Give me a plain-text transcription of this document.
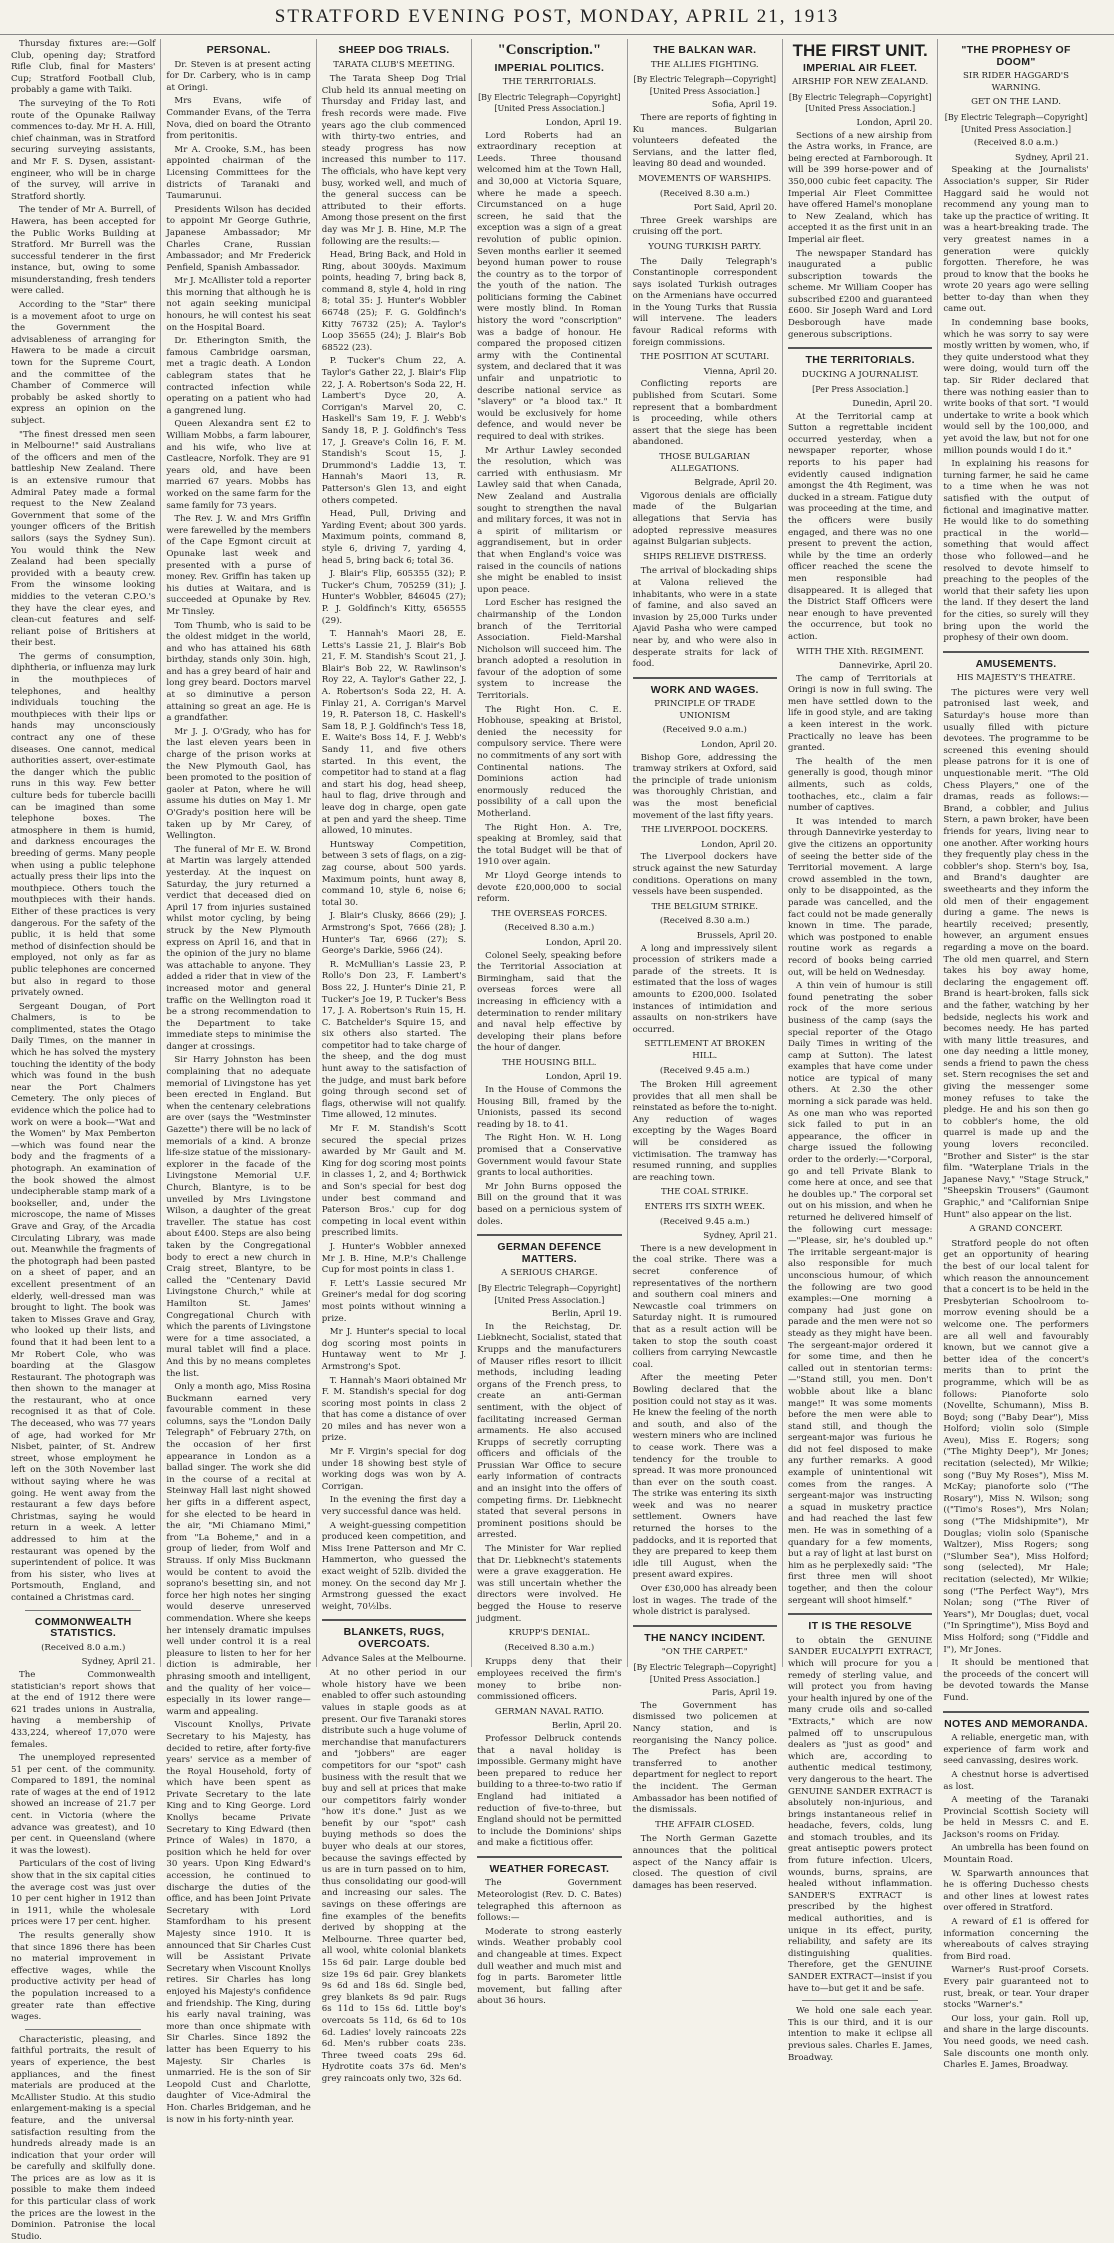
STRATFORD EVENING POST, MONDAY, APRIL 21, 1913

Thursday fixtures are:—Golf Club, opening day; Stratford Rifle Club, final for Masters' Cup; Stratford Football Club, probably a game with Taiki.

The surveying of the To Roti route of the Opunake Railway commences to-day. Mr H. A. Hill, chief chainman, was in Stratford securing surveying assistants, and Mr F. S. Dysen, assistant-engineer, who will be in charge of the survey, will arrive in Stratford shortly.

The tender of Mr A. Burrell, of Hawera, has been accepted for the Public Works Building at Stratford. Mr Burrell was the successful tenderer in the first instance, but, owing to some misunderstanding, fresh tenders were called.

According to the "Star" there is a movement afoot to urge on the Government the advisableness of arranging for Hawera to be made a circuit town for the Supreme Court, and the committee of the Chamber of Commerce will probably be asked shortly to express an opinion on the subject.

"The finest dressed men seen in Melbourne!" said Australians of the officers and men of the battleship New Zealand. There is an extensive rumour that Admiral Patey made a formal request to the New Zealand Government that some of the younger officers of the British sailors (says the Sydney Sun). You would think the New Zealand had been specially provided with a beauty crew. From the winsome looking middies to the veteran C.P.O.'s they have the clear eyes, and clean-cut features and self-reliant poise of Britishers at their best.

The germs of consumption, diphtheria, or influenza may lurk in the mouthpieces of telephones, and healthy individuals touching the mouthpieces with their lips or hands may unconsciously contract any one of these diseases. One cannot, medical authorities assert, over-estimate the danger which the public runs in this way. Few better culture beds for tubercle bacilli can be imagined than some telephone boxes. The atmosphere in them is humid, and darkness encourages the breeding of germs. Many people when using a public telephone actually press their lips into the mouthpiece. Others touch the mouthpieces with their hands. Either of these practices is very dangerous. For the safety of the public, it is held that some method of disinfection should be employed, not only as far as public telephones are concerned but also in regard to those privately owned.

Sergeant Dougan, of Port Chalmers, is to be complimented, states the Otago Daily Times, on the manner in which he has solved the mystery touching the identity of the body which was found in the bush near the Port Chalmers Cemetery. The only pieces of evidence which the police had to work on were a book—"Wat and the Women" by Max Pemberton—which was found near the body and the fragments of a photograph. An examination of the book showed the almost undecipherable stamp mark of a bookseller, and, under the microscope, the name of Misses Grave and Gray, of the Arcadia Circulating Library, was made out. Meanwhile the fragments of the photograph had been pasted on a sheet of paper, and an excellent presentment of an elderly, well-dressed man was brought to light. The book was taken to Misses Grave and Gray, who looked up their lists, and found that it had been lent to a Mr Robert Cole, who was boarding at the Glasgow Restaurant. The photograph was then shown to the manager at the restaurant, who at once recognised it as that of Cole. The deceased, who was 77 years of age, had worked for Mr Nisbet, painter, of St. Andrew street, whose employment he left on the 30th November last without saying where he was going. He went away from the restaurant a few days before Christmas, saying he would return in a week. A letter addressed to him at the restaurant was opened by the superintendent of police. It was from his sister, who lives at Portsmouth, England, and contained a Christmas card.

COMMONWEALTH STATISTICS.
(Received 8.0 a.m.)
Sydney, April 21.

The Commonwealth statistician's report shows that at the end of 1912 there were 621 trades unions in Australia, having a membership of 433,224, whereof 17,070 were females.

The unemployed represented 51 per cent. of the community. Compared to 1891, the nominal rate of wages at the end of 1912 showed an increase of 21.7 per cent. in Victoria (where the advance was greatest), and 10 per cent. in Queensland (where it was the lowest).

Particulars of the cost of living show that in the six capital cities the average cost was just over 10 per cent higher in 1912 than in 1911, while the wholesale prices were 17 per cent. higher.

The results generally show that since 1896 there has been no material improvement in effective wages, while the productive activity per head of the population increased to a greater rate than effective wages.

Characteristic, pleasing, and faithful portraits, the result of years of experience, the best appliances, and the finest materials are produced at the McAllister Studio. At this studio enlargement-making is a special feature, and the universal satisfaction resulting from the hundreds already made is an indication that your order will be carefully and skilfully done. The prices are as low as it is possible to make them indeed for this particular class of work the prices are the lowest in the Dominion. Patronise the local Studio.

PERSONAL.

Dr. Steven is at present acting for Dr. Carbery, who is in camp at Oringi.

Mrs Evans, wife of Commander Evans, of the Terra Nova, died on board the Otranto from peritonitis.

Mr A. Crooke, S.M., has been appointed chairman of the Licensing Committees for the districts of Taranaki and Taumarunui.

Presidents Wilson has decided to appoint Mr George Guthrie, Japanese Ambassador; Mr Charles Crane, Russian Ambassador; and Mr Frederick Penfield, Spanish Ambassador.

Mr J. McAllister told a reporter this morning that although he is not again seeking municipal honours, he will contest his seat on the Hospital Board.

Dr. Etherington Smith, the famous Cambridge oarsman, met a tragic death. A London cablegram states that he contracted infection while operating on a patient who had a gangrened lung.

Queen Alexandra sent £2 to William Mobbs, a farm labourer, and his wife, who live at Castleacre, Norfolk. They are 91 years old, and have been married 67 years. Mobbs has worked on the same farm for the same family for 73 years.

The Rev. J. W. and Mrs Griffin were farewelled by the members of the Cape Egmont circuit at Opunake last week and presented with a purse of money. Rev. Griffin has taken up his duties at Waitara, and is succeeded at Opunake by Rev. Mr Tinsley.

Tom Thumb, who is said to be the oldest midget in the world, and who has attained his 68th birthday, stands only 30in. high, and has a grey beard of hair and long grey beard. Doctors marvel at so diminutive a person attaining so great an age. He is a grandfather.

Mr J. J. O'Grady, who has for the last eleven years been in charge of the prison works at the New Plymouth Gaol, has been promoted to the position of gaoler at Paton, where he will assume his duties on May 1. Mr O'Grady's position here will be taken up by Mr Carey, of Wellington.

The funeral of Mr E. W. Brond at Martin was largely attended yesterday. At the inquest on Saturday, the jury returned a verdict that deceased died on April 17 from injuries sustained whilst motor cycling, by being struck by the New Plymouth express on April 16, and that in the opinion of the jury no blame was attachable to anyone. They added a rider that in view of the increased motor and general traffic on the Wellington road it be a strong recommendation to the Department to take immediate steps to minimise the danger at crossings.

Sir Harry Johnston has been complaining that no adequate memorial of Livingstone has yet been erected in England. But when the centenary celebrations are over (says the "Westminster Gazette") there will be no lack of memorials of a kind. A bronze life-size statue of the missionary-explorer in the facade of the Livingstone Memorial U.F. Church, Blantyre, is to be unveiled by Mrs Livingstone Wilson, a daughter of the great traveller. The statue has cost about £400. Steps are also being taken by the Congregational body to erect a new church in Craig street, Blantyre, to be called the "Centenary David Livingstone Church," while at Hamilton St. James' Congregational Church with which the parents of Livingstone were for a time associated, a mural tablet will find a place. And this by no means completes the list.

Only a month ago, Miss Rosina Buckmann earned very favourable comment in these columns, says the "London Daily Telegraph" of February 27th, on the occasion of her first appearance in London as a ballad singer. The work she did in the course of a recital at Steinway Hall last night showed her gifts in a different aspect, for she elected to be heard in the air, "Mi Chiamano Mimi," from "La Boheme," and in a group of lieder, from Wolf and Strauss. If only Miss Buckmann would be content to avoid the soprano's besetting sin, and not force her high notes her singing would deserve unreserved commendation. Where she keeps her intensely dramatic impulses well under control it is a real pleasure to listen to her for her diction is admirable, her phrasing smooth and intelligent, and the quality of her voice—especially in its lower range—warm and appealing.

Viscount Knollys, Private Secretary to his Majesty, has decided to retire, after forty-five years' service as a member of the Royal Household, forty of which have been spent as Private Secretary to the late King and to King George. Lord Knollys became Private Secretary to King Edward (then Prince of Wales) in 1870, a position which he held for over 30 years. Upon King Edward's accession, he continued to discharge the duties of the office, and has been Joint Private Secretary with Lord Stamfordham to his present Majesty since 1910. It is announced that Sir Charles Cust will be Assistant Private Secretary when Viscount Knollys retires. Sir Charles has long enjoyed his Majesty's confidence and friendship. The King, during his early naval training, was more than once shipmate with Sir Charles. Since 1892 the latter has been Equerry to his Majesty. Sir Charles is unmarried. He is the son of Sir Leopold Cust and Charlotte, daughter of Vice-Admiral the Hon. Charles Bridgeman, and he is now in his forty-ninth year.

SHEEP DOG TRIALS.
TARATA CLUB'S MEETING.

The Tarata Sheep Dog Trial Club held its annual meeting on Thursday and Friday last, and fresh records were made. Five years ago the club commenced with thirty-two entries, and steady progress has now increased this number to 117. The officials, who have kept very busy, worked well, and much of the general success can be attributed to their efforts. Among those present on the first day was Mr J. B. Hine, M.P. The following are the results:—

Head, Bring Back, and Hold in Ring, about 300yds. Maximum points, heading 7, bring back 8, command 8, style 4, hold in ring 8; total 35: J. Hunter's Wobbler 66748 (25); F. G. Goldfinch's Kitty 76732 (25); A. Taylor's Loop 35655 (24); J. Blair's Bob 68522 (23).

P. Tucker's Chum 22, A. Taylor's Gather 22, J. Blair's Flip 22, J. A. Robertson's Soda 22, H. Lambert's Dyce 20, A. Corrigan's Marvel 20, C. Haskell's Sam 19, F. J. Webb's Sandy 18, P. J. Goldfinch's Tess 17, J. Greave's Colin 16, F. M. Standish's Scout 15, J. Drummond's Laddie 13, T. Hannah's Maori 13, R. Patterson's Glen 13, and eight others competed.

Head, Pull, Driving and Yarding Event; about 300 yards. Maximum points, command 8, style 6, driving 7, yarding 4, head 5, bring back 6; total 36.

J. Blair's Flip, 605355 (32); P. Tucker's Chum, 705259 (31); J. Hunter's Wobbler, 846045 (27); P. J. Goldfinch's Kitty, 656555 (29).

T. Hannah's Maori 28, E. Letts's Lassie 21, J. Blair's Bob 21, F. M. Standish's Scout 21, J. Blair's Bob 22, W. Rawlinson's Roy 22, A. Taylor's Gather 22, J. A. Robertson's Soda 22, H. A. Finlay 21, A. Corrigan's Marvel 19, R. Paterson 18, C. Haskell's Sam 18, P. J. Goldfinch's Tess 18, E. Waite's Boss 14, F. J. Webb's Sandy 11, and five others started. In this event, the competitor had to stand at a flag and start his dog, head sheep, haul to flag, drive through and leave dog in charge, open gate at pen and yard the sheep. Time allowed, 10 minutes.

Huntsway Competition, between 3 sets of flags, on a zig-zag course, about 500 yards. Maximum points, hunt away 8, command 10, style 6, noise 6; total 30.

J. Blair's Clusky, 8666 (29); J. Armstrong's Spot, 7666 (28); J. Hunter's Tar, 6966 (27); S. George's Darkie, 5966 (24).

R. McMullian's Lassie 23, P. Rollo's Don 23, F. Lambert's Boss 22, J. Hunter's Dinie 21, P. Tucker's Joe 19, P. Tucker's Bess 17, J. A. Robertson's Ruin 15, H. C. Batchelder's Squire 15, and six others also started. The competitor had to take charge of the sheep, and the dog must hunt away to the satisfaction of the judge, and must bark before going through second set of flags, otherwise will not qualify. Time allowed, 12 minutes.

Mr F. M. Standish's Scott secured the special prizes awarded by Mr Gault and M. King for dog scoring most points in classes 1, 2, and 4; Borthwick and Son's special for best dog under best command and Paterson Bros.' cup for dog competing in local event within prescribed limits.

J. Hunter's Wobbler annexed Mr J. B. Hine, M.P.'s Challenge Cup for most points in class 1.

F. Lett's Lassie secured Mr Greiner's medal for dog scoring most points without winning a prize.

Mr J. Hunter's special to local dog scoring most points in Huntaway went to Mr J. Armstrong's Spot.

T. Hannah's Maori obtained Mr F. M. Standish's special for dog scoring most points in class 2 that has come a distance of over 20 miles and has never won a prize.

Mr F. Virgin's special for dog under 18 showing best style of working dogs was won by A. Corrigan.

In the evening the first day a very successful dance was held.

A weight-guessing competition produced keen competition, and Miss Irene Patterson and Mr C. Hammerton, who guessed the exact weight of 52lb. divided the money. On the second day Mr J. Armstrong guessed the exact weight, 70½lbs.

BLANKETS, RUGS, OVERCOATS.
Advance Sales at the Melbourne.

At no other period in our whole history have we been enabled to offer such astounding values in staple goods as at present. Our five Taranaki stores distribute such a huge volume of merchandise that manufacturers and "jobbers" are eager competitors for our "spot" cash business with the result that we buy and sell at prices that make our competitors fairly wonder "how it's done." Just as we benefit by our "spot" cash buying methods so does the buyer who deals at our stores, because the savings effected by us are in turn passed on to him, thus consolidating our good-will and increasing our sales. The savings on these offerings are fine examples of the benefits derived by shopping at the Melbourne. Three quarter bed, all wool, white colonial blankets 15s 6d pair. Large double bed size 19s 6d pair. Grey blankets 9s 6d and 18s 6d. Single bed, grey blankets 8s 9d pair. Rugs 6s 11d to 15s 6d. Little boy's overcoats 5s 11d, 6s 6d to 10s 6d. Ladies' lovely raincoats 22s 6d. Men's rubber coats 23s. Three tweed coats 29s 6d. Hydrotite coats 37s 6d. Men's grey raincoats only two, 32s 6d.

"Conscription."
IMPERIAL POLITICS.
THE TERRITORIALS.
[By Electric Telegraph—Copyright] [United Press Association.]
London, April 19.

Lord Roberts had an extraordinary reception at Leeds. Three thousand welcomed him at the Town Hall, and 30,000 at Victoria Square, where he made a speech. Circumstanced on a huge screen, he said that the exception was a sign of a great revolution of public opinion. Seven months earlier it seemed beyond human power to rouse the country as to the torpor of the youth of the nation. The politicians forming the Cabinet were mostly blind. In Roman history the word "conscription" was a badge of honour. He compared the proposed citizen army with the Continental system, and declared that it was unfair and unpatriotic to describe national service as "slavery" or "a blood tax." It would be exclusively for home defence, and would never be required to deal with strikes.

Mr Arthur Lawley seconded the resolution, which was carried with enthusiasm. Mr Lawley said that when Canada, New Zealand and Australia sought to strengthen the naval and military forces, it was not in a spirit of militarism or aggrandisement, but in order that when England's voice was raised in the councils of nations she might be enabled to insist upon peace.

Lord Escher has resigned the chairmanship of the London branch of the Territorial Association. Field-Marshal Nicholson will succeed him. The branch adopted a resolution in favour of the adoption of some system to increase the Territorials.

The Right Hon. C. E. Hobhouse, speaking at Bristol, denied the necessity for compulsory service. There were no commitments of any sort with Continental nations. The Dominions action had enormously reduced the possibility of a call upon the Motherland.

The Right Hon. A. Tre, speaking at Bromley, said that the total Budget will be that of 1910 over again.

Mr Lloyd George intends to devote £20,000,000 to social reform.

THE OVERSEAS FORCES.
(Received 8.30 a.m.)
London, April 20.

Colonel Seely, speaking before the Territorial Association at Birmingham, said that the overseas forces were all increasing in efficiency with a determination to render military and naval help effective by developing their plans before the hour of danger.

THE HOUSING BILL.
London, April 19.

In the House of Commons the Housing Bill, framed by the Unionists, passed its second reading by 18. to 41.

The Right Hon. W. H. Long promised that a Conservative Government would favour State grants to local authorities.

Mr John Burns opposed the Bill on the ground that it was based on a pernicious system of doles.

GERMAN DEFENCE MATTERS.
A SERIOUS CHARGE.
[By Electric Telegraph—Copyright] [United Press Association.]
Berlin, April 19.

In the Reichstag, Dr. Liebknecht, Socialist, stated that Krupps and the manufacturers of Mauser rifles resort to illicit methods, including leading organs of the French press, to create an anti-German sentiment, with the object of facilitating increased German armaments. He also accused Krupps of secretly corrupting officers and officials of the Prussian War Office to secure early information of contracts and an insight into the offers of competing firms. Dr. Liebknecht stated that several persons in prominent positions should be arrested.

The Minister for War replied that Dr. Liebknecht's statements were a grave exaggeration. He was still uncertain whether the directors were involved. He begged the House to reserve judgment.

KRUPP'S DENIAL.
(Received 8.30 a.m.)

Krupps deny that their employees received the firm's money to bribe non-commissioned officers.

GERMAN NAVAL RATIO.
Berlin, April 20.

Professor Delbruck contends that a naval holiday is impossible. Germany might have been prepared to reduce her building to a three-to-two ratio if England had initiated a reduction of five-to-three, but England should not be permitted to include the Dominions' ships and make a fictitious offer.

WEATHER FORECAST.

The Government Meteorologist (Rev. D. C. Bates) telegraphed this afternoon as follows:—

Moderate to strong easterly winds. Weather probably cool and changeable at times. Expect dull weather and much mist and fog in parts. Barometer little movement, but falling after about 36 hours.

THE BALKAN WAR.
THE ALLIES FIGHTING.
[By Electric Telegraph—Copyright] [United Press Association.]
Sofia, April 19.

There are reports of fighting in Ku mances. Bulgarian volunteers defeated the Servians, and the latter fled, leaving 80 dead and wounded.

MOVEMENTS OF WARSHIPS.
(Received 8.30 a.m.)
Port Said, April 20.

Three Greek warships are cruising off the port.

YOUNG TURKISH PARTY.

The Daily Telegraph's Constantinople correspondent says isolated Turkish outrages on the Armenians have occurred in the Young Turks that Russia will intervene. The leaders favour Radical reforms with foreign commissions.

THE POSITION AT SCUTARI.
Vienna, April 20.

Conflicting reports are published from Scutari. Some represent that a bombardment is proceeding, while others assert that the siege has been abandoned.

THOSE BULGARIAN ALLEGATIONS.
Belgrade, April 20.

Vigorous denials are officially made of the Bulgarian allegations that Servia has adopted repressive measures against Bulgarian subjects.

SHIPS RELIEVE DISTRESS.

The arrival of blockading ships at Valona relieved the inhabitants, who were in a state of famine, and also saved an invasion by 25,000 Turks under Ajavid Pasha who were camped near by, and who were also in desperate straits for lack of food.

WORK AND WAGES.
PRINCIPLE OF TRADE UNIONISM
(Received 9.0 a.m.)
London, April 20.

Bishop Gore, addressing the tramway strikers at Oxford, said the principle of trade unionism was thoroughly Christian, and was the most beneficial movement of the last fifty years.

THE LIVERPOOL DOCKERS.
London, April 20.

The Liverpool dockers have struck against the new Saturday conditions. Operations on many vessels have been suspended.

THE BELGIUM STRIKE.
(Received 8.30 a.m.)
Brussels, April 20.

A long and impressively silent procession of strikers made a parade of the streets. It is estimated that the loss of wages amounts to £200,000. Isolated instances of intimidation and assaults on non-strikers have occurred.

SETTLEMENT AT BROKEN HILL.
(Received 9.45 a.m.)

The Broken Hill agreement provides that all men shall be reinstated as before the to-night. Any reduction of wages excepting by the Wages Board will be considered as victimisation. The tramway has resumed running, and supplies are reaching town.

THE COAL STRIKE.
ENTERS ITS SIXTH WEEK.
(Received 9.45 a.m.)
Sydney, April 21.

There is a new development in the coal strike. There was a secret conference of representatives of the northern and southern coal miners and Newcastle coal trimmers on Saturday night. It is rumoured that as a result action will be taken to stop the south coast colliers from carrying Newcastle coal.

After the meeting Peter Bowling declared that the position could not stay as it was. He knew the feeling of the north and south, and also of the western miners who are inclined to cease work. There was a tendency for the trouble to spread. It was more pronounced than ever on the south coast. The strike was entering its sixth week and was no nearer settlement. Owners have returned the horses to the paddocks, and it is reported that they are prepared to keep them idle till August, when the present award expires.

Over £30,000 has already been lost in wages. The trade of the whole district is paralysed.

THE NANCY INCIDENT.
"ON THE CARPET."
[By Electric Telegraph—Copyright] [United Press Association.]
Paris, April 19.

The Government has dismissed two policemen at Nancy station, and is reorganising the Nancy police. The Prefect has been transferred to another department for neglect to report the incident. The German Ambassador has been notified of the dismissals.

THE AFFAIR CLOSED.

The North German Gazette announces that the political aspect of the Nancy affair is closed. The question of civil damages has been reserved.

THE FIRST UNIT.
IMPERIAL AIR FLEET.
AIRSHIP FOR NEW ZEALAND.
[By Electric Telegraph—Copyright] [United Press Association.]
London, April 20.

Sections of a new airship from the Astra works, in France, are being erected at Farnborough. It will be 399 horse-power and of 350,000 cubic feet capacity. The Imperial Air Fleet Committee have offered Hamel's monoplane to New Zealand, which has accepted it as the first unit in an Imperial air fleet.

The newspaper Standard has inaugurated a public subscription towards the scheme. Mr William Cooper has subscribed £200 and guaranteed £600. Sir Joseph Ward and Lord Desborough have made generous subscriptions.

THE TERRITORIALS.
DUCKING A JOURNALIST.
[Per Press Association.]
Dunedin, April 20.

At the Territorial camp at Sutton a regrettable incident occurred yesterday, when a newspaper reporter, whose reports to his paper had evidently caused indignation amongst the 4th Regiment, was ducked in a stream. Fatigue duty was proceeding at the time, and the officers were busily engaged, and there was no one present to prevent the action, while by the time an orderly officer reached the scene the men responsible had disappeared. It is alleged that the District Staff Officers were near enough to have prevented the occurrence, but took no action.

WITH THE XIth. REGIMENT.
Dannevirke, April 20.

The camp of Territorials at Oringi is now in full swing. The men have settled down to the life in good style, and are taking a keen interest in the work. Practically no leave has been granted.

The health of the men generally is good, though minor ailments, such as colds, toothaches, etc., claim a fair number of captives.

It was intended to march through Dannevirke yesterday to give the citizens an opportunity of seeing the better side of the Territorial movement. A large crowd assembled in the town, only to be disappointed, as the parade was cancelled, and the fact could not be made generally known in time. The parade, which was postponed to enable routine work as regards a record of books being carried out, will be held on Wednesday.

A thin vein of humour is still found penetrating the sober rock of the more serious business of the camp (says the special reporter of the Otago Daily Times in writing of the camp at Sutton). The latest examples that have come under notice are typical of many others. At 2.30 the other morning a sick parade was held. As one man who was reported sick failed to put in an appearance, the officer in charge issued the following order to the orderly:—"Corporal, go and tell Private Blank to come here at once, and see that he doubles up." The corporal set out on his mission, and when he returned he delivered himself of the following curt message:—"Please, sir, he's doubled up." The irritable sergeant-major is also responsible for much unconscious humour, of which the following are two good examples:—One morning a company had just gone on parade and the men were not so steady as they might have been. The sergeant-major ordered it for some time, and then he called out in stentorian terms:—"Stand still, you men. Don't wobble about like a blanc mange!" It was some moments before the men were able to stand still, and though the sergeant-major was furious he did not feel disposed to make any further remarks. A good example of unintentional wit comes from the ranges. A sergeant-major was instructing a squad in musketry practice and had reached the last few men. He was in something of a quandary for a few moments, but a ray of light at last burst on him as he perplexedly said: "The first three men will shoot together, and then the colour sergeant will shoot himself."

IT IS THE RESOLVE

to obtain the GENUINE SANDER EUCALYPTI EXTRACT, which will procure for you a remedy of sterling value, and will protect you from having your health injured by one of the many crude oils and so-called "Extracts," which are now palmed off to unscrupulous dealers as "just as good" and which are, according to authentic medical testimony, very dangerous to the heart. The GENUINE SANDER EXTRACT is absolutely non-injurious, and brings instantaneous relief in headache, fevers, colds, lung and stomach troubles, and its great antiseptic powers protect from future infection. Ulcers, wounds, burns, sprains, are healed without inflammation. SANDER'S EXTRACT is prescribed by the highest medical authorities, and is unique in its effect, purity, reliability, and safety are its distinguishing qualities. Therefore, get the GENUINE SANDER EXTRACT—insist if you have to—but get it and be safe.

We hold one sale each year. This is our third, and it is our intention to make it eclipse all previous sales. Charles E. James, Broadway.

"THE PROPHESY OF DOOM"
SIR RIDER HAGGARD'S WARNING.
GET ON THE LAND.
[By Electric Telegraph—Copyright] [United Press Association.]
(Received 8.0 a.m.)
Sydney, April 21.

Speaking at the Journalists' Association's supper, Sir Rider Haggard said he would not recommend any young man to take up the practice of writing. It was a heart-breaking trade. The very greatest names in a generation were quickly forgotten. Therefore, he was proud to know that the books he wrote 20 years ago were selling better to-day than when they came out.

In condemning base books, which he was sorry to say were mostly written by women, who, if they quite understood what they were doing, would turn off the tap. Sir Rider declared that there was nothing easier than to write books of that sort. "I would undertake to write a book which would sell by the 100,000, and yet avoid the law, but not for one million pounds would I do it."

In explaining his reasons for turning farmer, he said he came to a time when he was not satisfied with the output of fictional and imaginative matter. He would like to do something practical in the world—something that would affect those who followed—and he resolved to devote himself to preaching to the peoples of the world that their safety lies upon the land. If they desert the land for the cities, so surely will they bring upon the world the prophesy of their own doom.

AMUSEMENTS.
HIS MAJESTY'S THEATRE.

The pictures were very well patronised last week, and Saturday's house more than usually filled with picture devotees. The programme to be screened this evening should please patrons for it is one of unquestionable merit. "The Old Chess Players," one of the dramas, reads as follows:—Brand, a cobbler, and Julius Stern, a pawn broker, have been friends for years, living near to one another. After working hours they frequently play chess in the cobbler's shop. Stern's boy, Isa, and Brand's daughter are sweethearts and they inform the old men of their engagement during a game. The news is heartily received; presently, however, an argument ensues regarding a move on the board. The old men quarrel, and Stern takes his boy away home, declaring the engagement off. Brand is heart-broken, falls sick and the father, watching by her bedside, neglects his work and becomes needy. He has parted with many little treasures, and one day needing a little money, sends a friend to pawn the chess set. Stern recognises the set and giving the messenger some money refuses to take the pledge. He and his son then go to cobbler's home, the old quarrel is made up and the young lovers reconciled. "Brother and Sister" is the star film. "Waterplane Trials in the Japanese Navy," "Stage Struck," "Sheepskin Trousers" (Gaumont Graphic," and "Californian Snipe Hunt" also appear on the list.

A GRAND CONCERT.

Stratford people do not often get an opportunity of hearing the best of our local talent for which reason the announcement that a concert is to be held in the Presbyterian Schoolroom to-morrow evening should be a welcome one. The performers are all well and favourably known, but we cannot give a better idea of the concert's merits than to print the programme, which will be as follows: Pianoforte solo (Novellte, Schumann), Miss B. Boyd; song ("Baby Dear"), Miss Holford; violin solo (Simple Aveu), Miss E. Rogers; song ("The Mighty Deep"), Mr Jones; recitation (selected), Mr Wilkie; song ("Buy My Roses"), Miss M. McKay; pianoforte solo ("The Rosary"), Miss N. Wilson; song (("Timo's Roses"), Mrs Nolan; song ("The Midshipmite"), Mr Douglas; violin solo (Spanische Waltzer), Miss Rogers; song ("Slumber Sea"), Miss Holford; song (selected), Mr Hale; recitation (selected), Mr Wilkie; song ("The Perfect Way"), Mrs Nolan; song ("The River of Years"), Mr Douglas; duet, vocal ("In Springtime"), Miss Boyd and Miss Holford; song ("Fiddle and I"), Mr Jones.

It should be mentioned that the proceeds of the concert will be devoted towards the Manse Fund.

NOTES AND MEMORANDA.

A reliable, energetic man, with experience of farm work and seed canvassing, desires work.

A chestnut horse is advertised as lost.

A meeting of the Taranaki Provincial Scottish Society will be held in Messrs C. and E. Jackson's rooms on Friday.

An umbrella has been found on Mountain Road.

W. Sparwarth announces that he is offering Duchesso chests and other lines at lowest rates over offered in Stratford.

A reward of £1 is offered for information concerning the whereabouts of calves straying from Bird road.

Warner's Rust-proof Corsets. Every pair guaranteed not to rust, break, or tear. Your draper stocks "Warner's."

Our loss, your gain. Roll up, and share in the large discounts. You need goods, we need cash. Sale discounts one month only. Charles E. James, Broadway.
